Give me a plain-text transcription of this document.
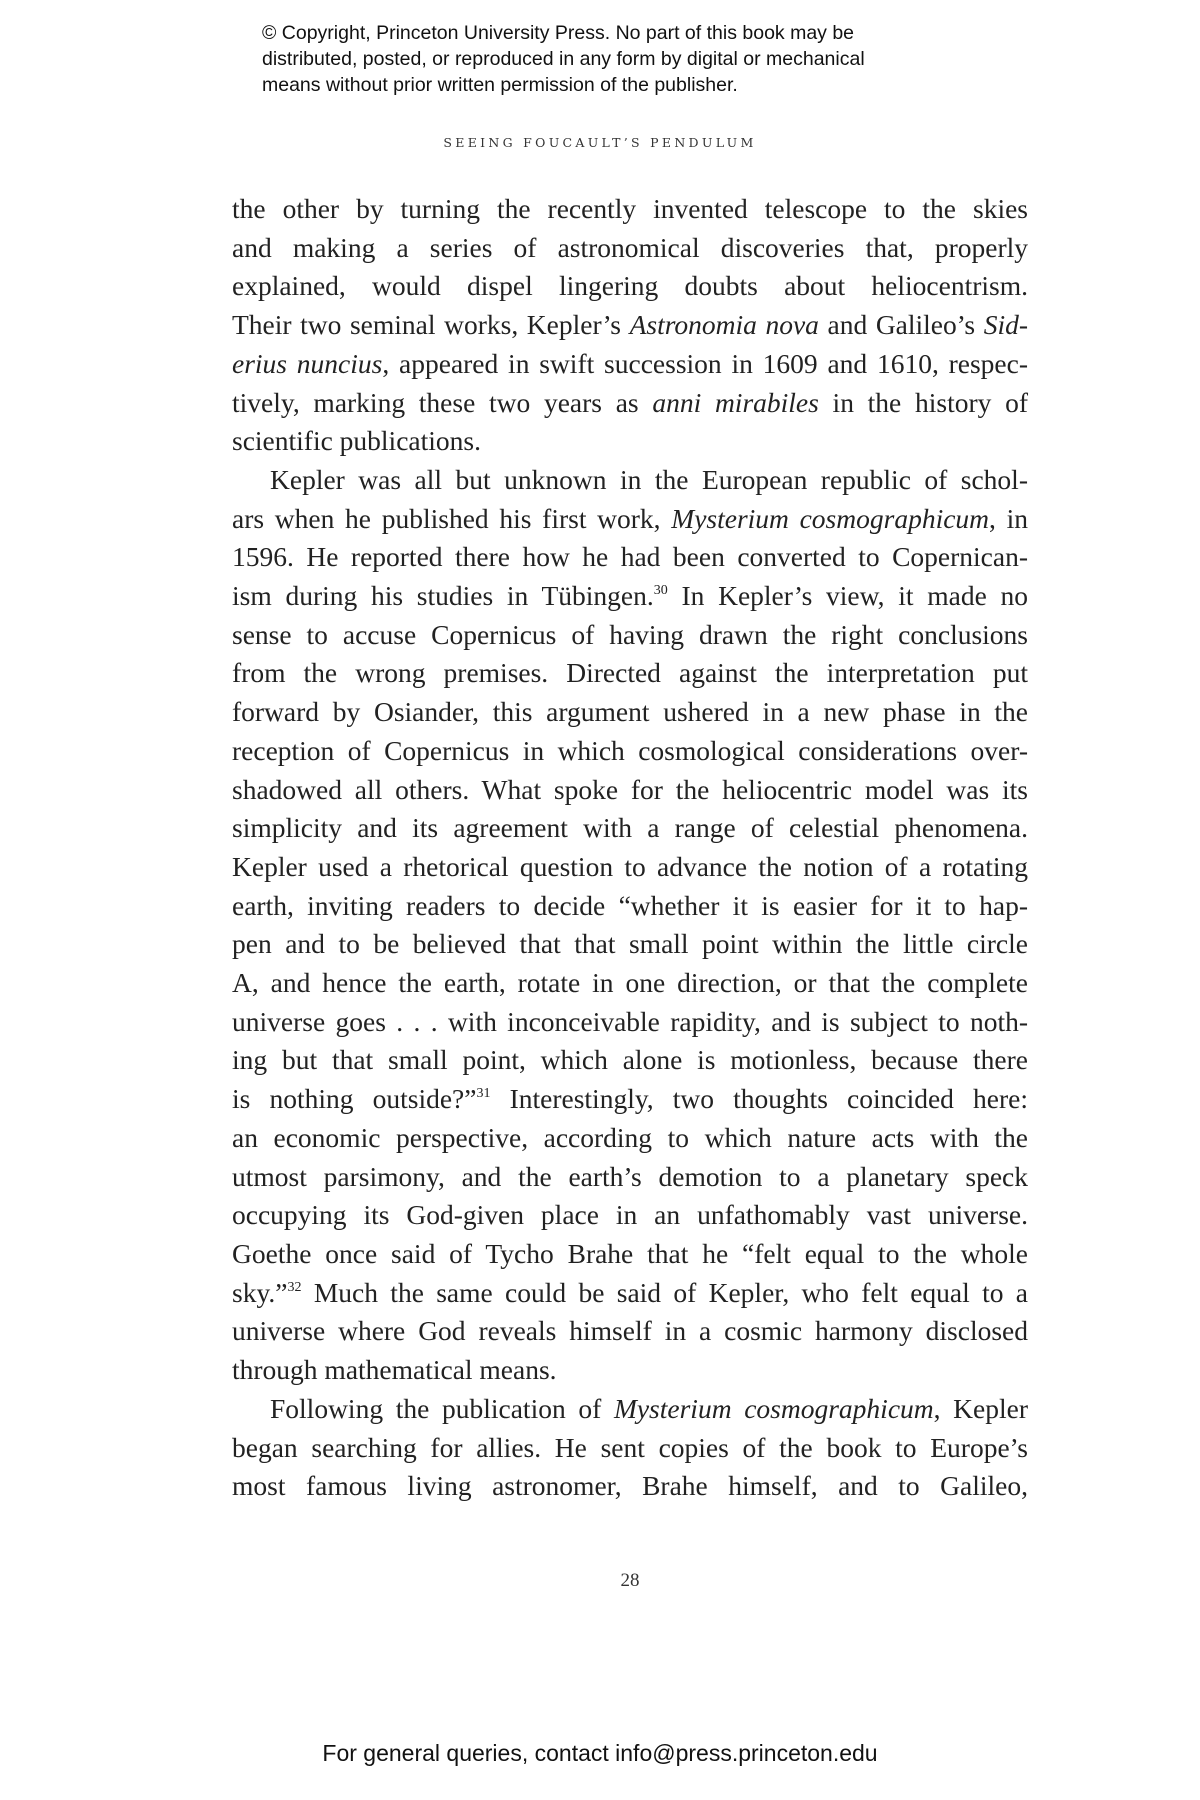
© Copyright, Princeton University Press. No part of this book may be
distributed, posted, or reproduced in any form by digital or mechanical
means without prior written permission of the publisher.
SEEING FOUCAULT’S PENDULUM
the other by turning the recently invented telescope to the skies
and making a series of astronomical discoveries that, properly
explained, would dispel lingering doubts about heliocentrism.
Their two seminal works, Kepler’s Astronomia nova and Galileo’s Sid-
erius nuncius, appeared in swift succession in 1609 and 1610, respec-
tively, marking these two years as anni mirabiles in the history of
scientific publications.
Kepler was all but unknown in the European republic of schol-
ars when he published his first work, Mysterium cosmographicum, in
1596. He reported there how he had been converted to Copernican-
ism during his studies in Tübingen.$^{30}$ In Kepler’s view, it made no
sense to accuse Copernicus of having drawn the right conclusions
from the wrong premises. Directed against the interpretation put
forward by Osiander, this argument ushered in a new phase in the
reception of Copernicus in which cosmological considerations over-
shadowed all others. What spoke for the heliocentric model was its
simplicity and its agreement with a range of celestial phenomena.
Kepler used a rhetorical question to advance the notion of a rotating
earth, inviting readers to decide “whether it is easier for it to hap-
pen and to be believed that that small point within the little circle
A, and hence the earth, rotate in one direction, or that the complete
universe goes . . . with inconceivable rapidity, and is subject to noth-
ing but that small point, which alone is motionless, because there
is nothing outside?”$^{31}$ Interestingly, two thoughts coincided here:
an economic perspective, according to which nature acts with the
utmost parsimony, and the earth’s demotion to a planetary speck
occupying its God-given place in an unfathomably vast universe.
Goethe once said of Tycho Brahe that he “felt equal to the whole
sky.”$^{32}$ Much the same could be said of Kepler, who felt equal to a
universe where God reveals himself in a cosmic harmony disclosed
through mathematical means.
Following the publication of Mysterium cosmographicum, Kepler
began searching for allies. He sent copies of the book to Europe’s
most famous living astronomer, Brahe himself, and to Galileo,
28
For general queries, contact info@press.princeton.edu
